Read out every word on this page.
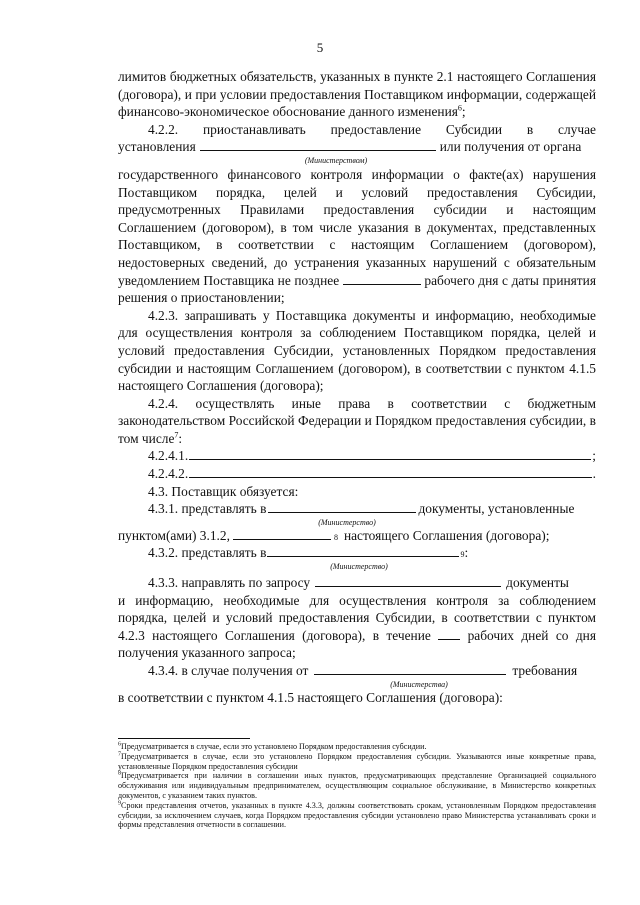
5

лимитов бюджетных обязательств, указанных в пункте 2.1 настоящего Соглашения (договора), и при условии предоставления Поставщиком информации, содержащей финансово-экономическое обоснование данного изменения$^6$;

4.2.2. приостанавливать предоставление Субсидии в случае

установления	или получения от органа
(Министерством)

государственного финансового контроля информации о факте(ах) нарушения Поставщиком порядка, целей и условий предоставления Субсидии, предусмотренных Правилами предоставления субсидии и настоящим Соглашением (договором), в том числе указания в документах, представленных Поставщиком, в соответствии с настоящим Соглашением (договором), недостоверных сведений, до устранения указанных нарушений с обязательным уведомлением Поставщика не позднее	рабочего дня с даты принятия решения о приостановлении;

4.2.3. запрашивать у Поставщика документы и информацию, необходимые для осуществления контроля за соблюдением Поставщиком порядка, целей и условий предоставления Субсидии, установленных Порядком предоставления субсидии и настоящим Соглашением (договором), в соответствии с пунктом 4.1.5 настоящего Соглашения (договора);

4.2.4. осуществлять иные права в соответствии с бюджетным законодательством Российской Федерации и Порядком предоставления субсидии, в том числе$^7$:

4.2.4.1.	;
4.2.4.2.	.
4.3. Поставщик обязуется:
4.3.1. представлять в	документы, установленные
(Министерство)
пунктом(ами) 3.1.2,	8 настоящего Соглашения (договора);
4.3.2. представлять в	9 :
(Министерство)
4.3.3. направлять по запросу	документы

и информацию, необходимые для осуществления контроля за соблюдением порядка, целей и условий предоставления Субсидии, в соответствии с пунктом 4.2.3 настоящего Соглашения (договора), в течение	рабочих дней со дня получения указанного запроса;

4.3.4. в случае получения от	требования
(Министерства)
в соответствии с пунктом 4.1.5 настоящего Соглашения (договора):

$^6$Предусматривается в случае, если это установлено Порядком предоставления субсидии.

$^7$Предусматривается в случае, если это установлено Порядком предоставления субсидии. Указываются иные конкретные права, установленные Порядком предоставления субсидии

$^8$Предусматривается при наличии в соглашении иных пунктов, предусматривающих представление Организацией социального обслуживания или индивидуальным предпринимателем, осуществляющим социальное обслуживание, в Министерство конкретных документов, с указанием таких пунктов.

$^9$Сроки представления отчетов, указанных в пункте 4.3.3, должны соответствовать срокам, установленным Порядком предоставления субсидии, за исключением случаев, когда Порядком предоставления субсидии установлено право Министерства устанавливать сроки и формы представления отчетности в соглашении.
